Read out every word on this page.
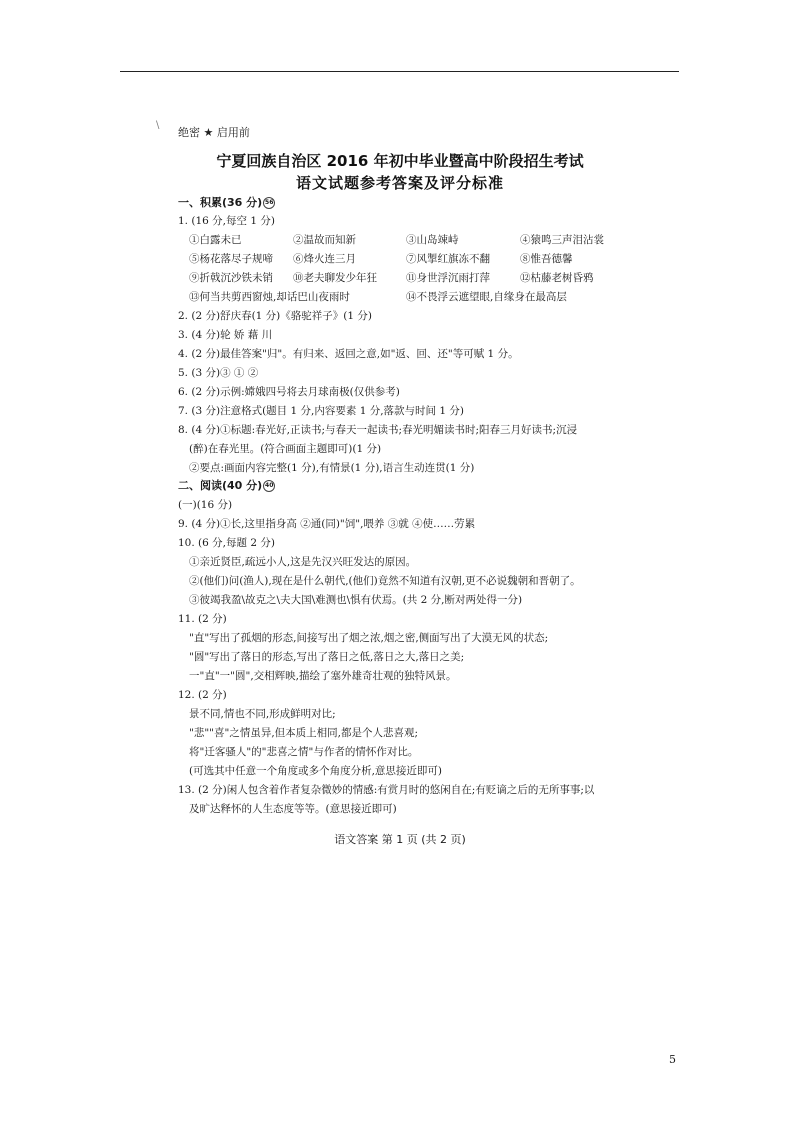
\
绝密 ★ 启用前
宁夏回族自治区 2016 年初中毕业暨高中阶段招生考试
语文试题参考答案及评分标准
一、积累(36 分) 56
1. (16 分,每空 1 分)
①白露未已	②温故而知新	③山岛竦峙	④猿鸣三声泪沾裳
⑤杨花落尽子规啼 ⑥烽火连三月	⑦风掣红旗冻不翻	⑧惟吾德馨
⑨折戟沉沙铁未销 ⑩老夫聊发少年狂	⑪身世浮沉雨打萍	⑫枯藤老树昏鸦
⑬何当共剪西窗烛,却话巴山夜雨时	⑭不畏浮云遮望眼,自缘身在最高层
2. (2 分)舒庆春(1 分)《骆驼祥子》(1 分)
3. (4 分)轮 娇 藉 川
4. (2 分)最佳答案"归"。有归来、返回之意,如"返、回、还"等可赋 1 分。
5. (3 分)③ ① ②
6. (2 分)示例:嫦娥四号将去月球南极(仅供参考)
7. (3 分)注意格式(题目 1 分,内容要素 1 分,落款与时间 1 分)
8. (4 分)①标题:春光好,正读书;与春天一起读书;春光明媚读书时;阳春三月好读书;沉浸
(醉)在春光里。(符合画面主题即可)(1 分)
②要点:画面内容完整(1 分),有情景(1 分),语言生动连贯(1 分)
二、阅读(40 分) 40
(一)(16 分)
9. (4 分)①长,这里指身高 ②通(同)"饲",喂养 ③就 ④使……劳累
10. (6 分,每题 2 分)
①亲近贤臣,疏远小人,这是先汉兴旺发达的原因。
②(他们)问(渔人),现在是什么朝代,(他们)竟然不知道有汉朝,更不必说魏朝和晋朝了。
③彼竭我盈\故克之\夫大国\难测也\惧有伏焉。(共 2 分,断对两处得一分)
11. (2 分)
"直"写出了孤烟的形态,间接写出了烟之浓,烟之密,侧面写出了大漠无风的状态;
"圆"写出了落日的形态,写出了落日之低,落日之大,落日之美;
一"直"一"圆",交相辉映,描绘了塞外雄奇壮观的独特风景。
12. (2 分)
景不同,情也不同,形成鲜明对比;
"悲""喜"之情虽异,但本质上相同,都是个人悲喜观;
将"迁客骚人"的"悲喜之情"与作者的情怀作对比。
(可选其中任意一个角度或多个角度分析,意思接近即可)
13. (2 分)闲人包含着作者复杂微妙的情感:有赏月时的悠闲自在;有贬谪之后的无所事事;以
及旷达释怀的人生态度等等。(意思接近即可)
语文答案 第 1 页 (共 2 页)
5
